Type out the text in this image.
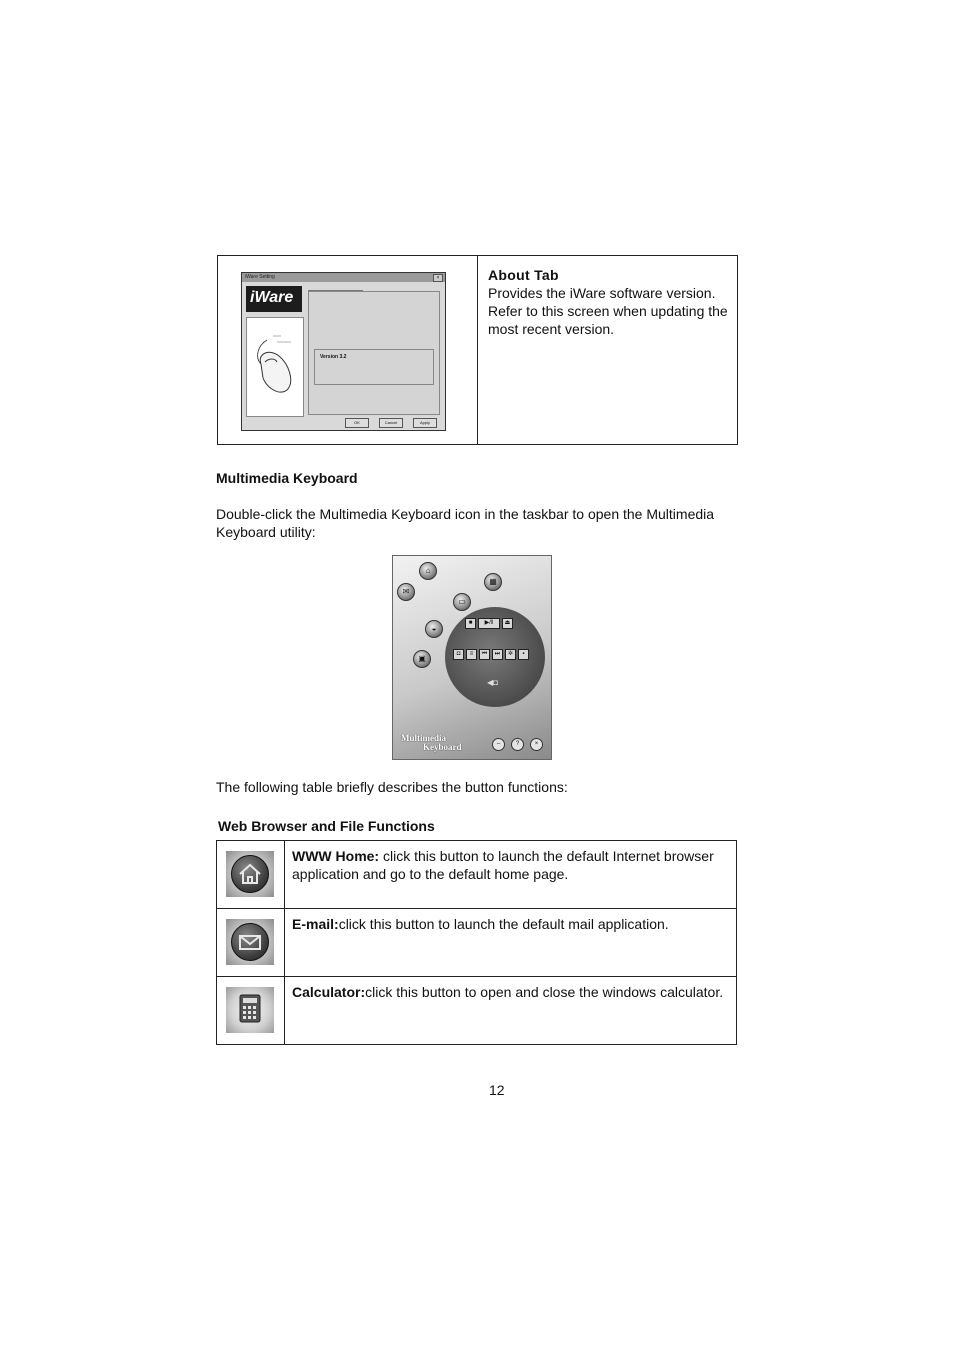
iWare Setting	×
iWare
Version 3.2
OK	Cancel	Apply
About Tab
Provides the iWare software version. Refer to this screen when updating the most recent version.
Multimedia Keyboard
Double-click the Multimedia Keyboard icon in the taskbar to open the Multimedia Keyboard utility:
⌂
✉
▦
▭
◒
▣
■	▶/‖	⏏
◘	≡	⏮	⏭	✲	▪
◀◘
Multimedia
Keyboard	–	?	×
The following table briefly describes the button functions:
Web Browser and File Functions
WWW Home: click this button to launch the default Internet browser application and go to the default home page.
E-mail:click this button to launch the default mail application.
Calculator:click this button to open and close the windows calculator.
12
